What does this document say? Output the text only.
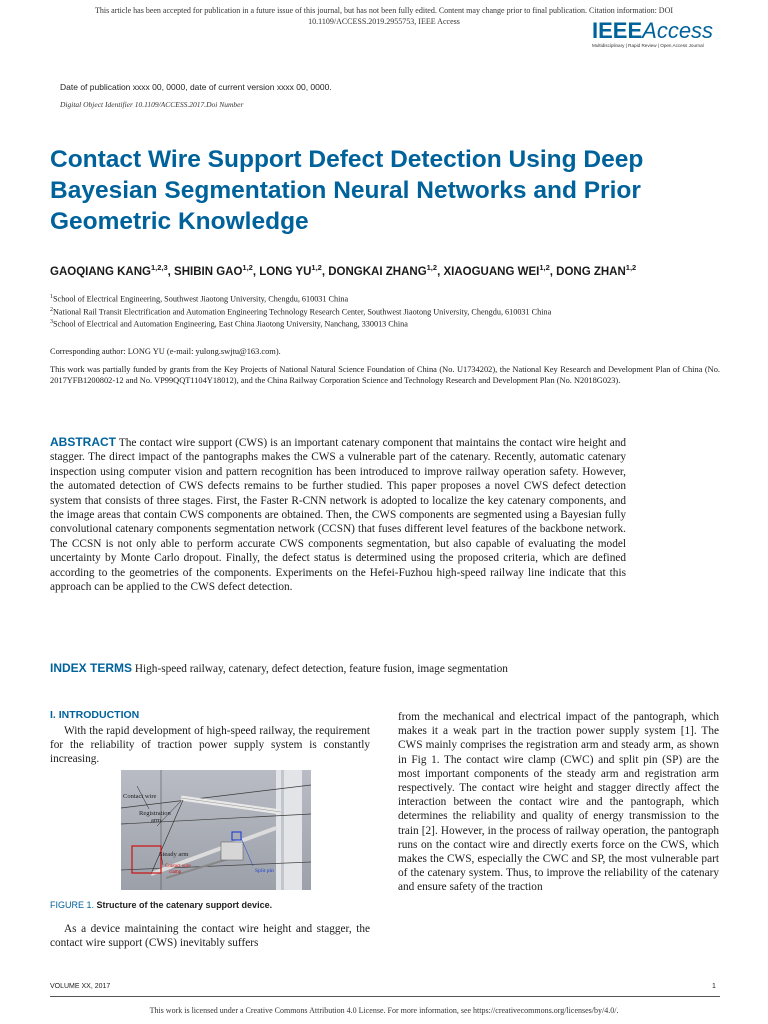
This article has been accepted for publication in a future issue of this journal, but has not been fully edited. Content may change prior to final publication. Citation information: DOI 10.1109/ACCESS.2019.2955753, IEEE Access	IEEEAccess
Multidisciplinary | Rapid Review | Open Access Journal
Date of publication xxxx 00, 0000, date of current version xxxx 00, 0000.
Digital Object Identifier 10.1109/ACCESS.2017.Doi Number
Contact Wire Support Defect Detection Using Deep Bayesian Segmentation Neural Networks and Prior Geometric Knowledge
GAOQIANG KANG$^{1,2,3}$, SHIBIN GAO$^{1,2}$, LONG YU$^{1,2}$, DONGKAI ZHANG$^{1,2}$, XIAOGUANG WEI$^{1,2}$, DONG ZHAN$^{1,2}$

$^1$School of Electrical Engineering, Southwest Jiaotong University, Chengdu, 610031 China

$^2$National Rail Transit Electrification and Automation Engineering Technology Research Center, Southwest Jiaotong University, Chengdu, 610031 China

$^3$School of Electrical and Automation Engineering, East China Jiaotong University, Nanchang, 330013 China

Corresponding author: LONG YU (e-mail: yulong.swjtu@163.com).
This work was partially funded by grants from the Key Projects of National Natural Science Foundation of China (No. U1734202), the National Key Research and Development Plan of China (No. 2017YFB1200802-12 and No. VP99QQT1104Y18012), and the China Railway Corporation Science and Technology Research and Development Plan (No. N2018G023).

ABSTRACT The contact wire support (CWS) is an important catenary component that maintains the contact wire height and stagger. The direct impact of the pantographs makes the CWS a vulnerable part of the catenary. Recently, automatic catenary inspection using computer vision and pattern recognition has been introduced to improve railway operation safety. However, the automated detection of CWS defects remains to be further studied. This paper proposes a novel CWS defect detection system that consists of three stages. First, the Faster R-CNN network is adopted to localize the key catenary components, and the image areas that contain CWS components are obtained. Then, the CWS components are segmented using a Bayesian fully convolutional catenary components segmentation network (CCSN) that fuses different level features of the backbone network. The CCSN is not only able to perform accurate CWS components segmentation, but also capable of evaluating the model uncertainty by Monte Carlo dropout. Finally, the defect status is determined using the proposed criteria, which are defined according to the geometries of the components. Experiments on the Hefei-Fuzhou high-speed railway line indicate that this approach can be applied to the CWS defect detection.

INDEX TERMS High-speed railway, catenary, defect detection, feature fusion, image segmentation
I. INTRODUCTION

With the rapid development of high-speed railway, the requirement for the reliability of traction power supply system is constantly increasing.

Contact wire
Registration
arm
Steady arm
Contact wire
clamp	Split pin
FIGURE 1. Structure of the catenary support device.

As a device maintaining the contact wire height and stagger, the contact wire support (CWS) inevitably suffers

from the mechanical and electrical impact of the pantograph, which makes it a weak part in the traction power supply system [1]. The CWS mainly comprises the registration arm and steady arm, as shown in Fig 1. The contact wire clamp (CWC) and split pin (SP) are the most important components of the steady arm and registration arm respectively. The contact wire height and stagger directly affect the interaction between the contact wire and the pantograph, which determines the reliability and quality of energy transmission to the train [2]. However, in the process of railway operation, the pantograph runs on the contact wire and directly exerts force on the CWS, which makes the CWS, especially the CWC and SP, the most vulnerable part of the catenary system. Thus, to improve the reliability of the catenary and ensure safety of the traction

VOLUME XX, 2017	1
This work is licensed under a Creative Commons Attribution 4.0 License. For more information, see https://creativecommons.org/licenses/by/4.0/.
